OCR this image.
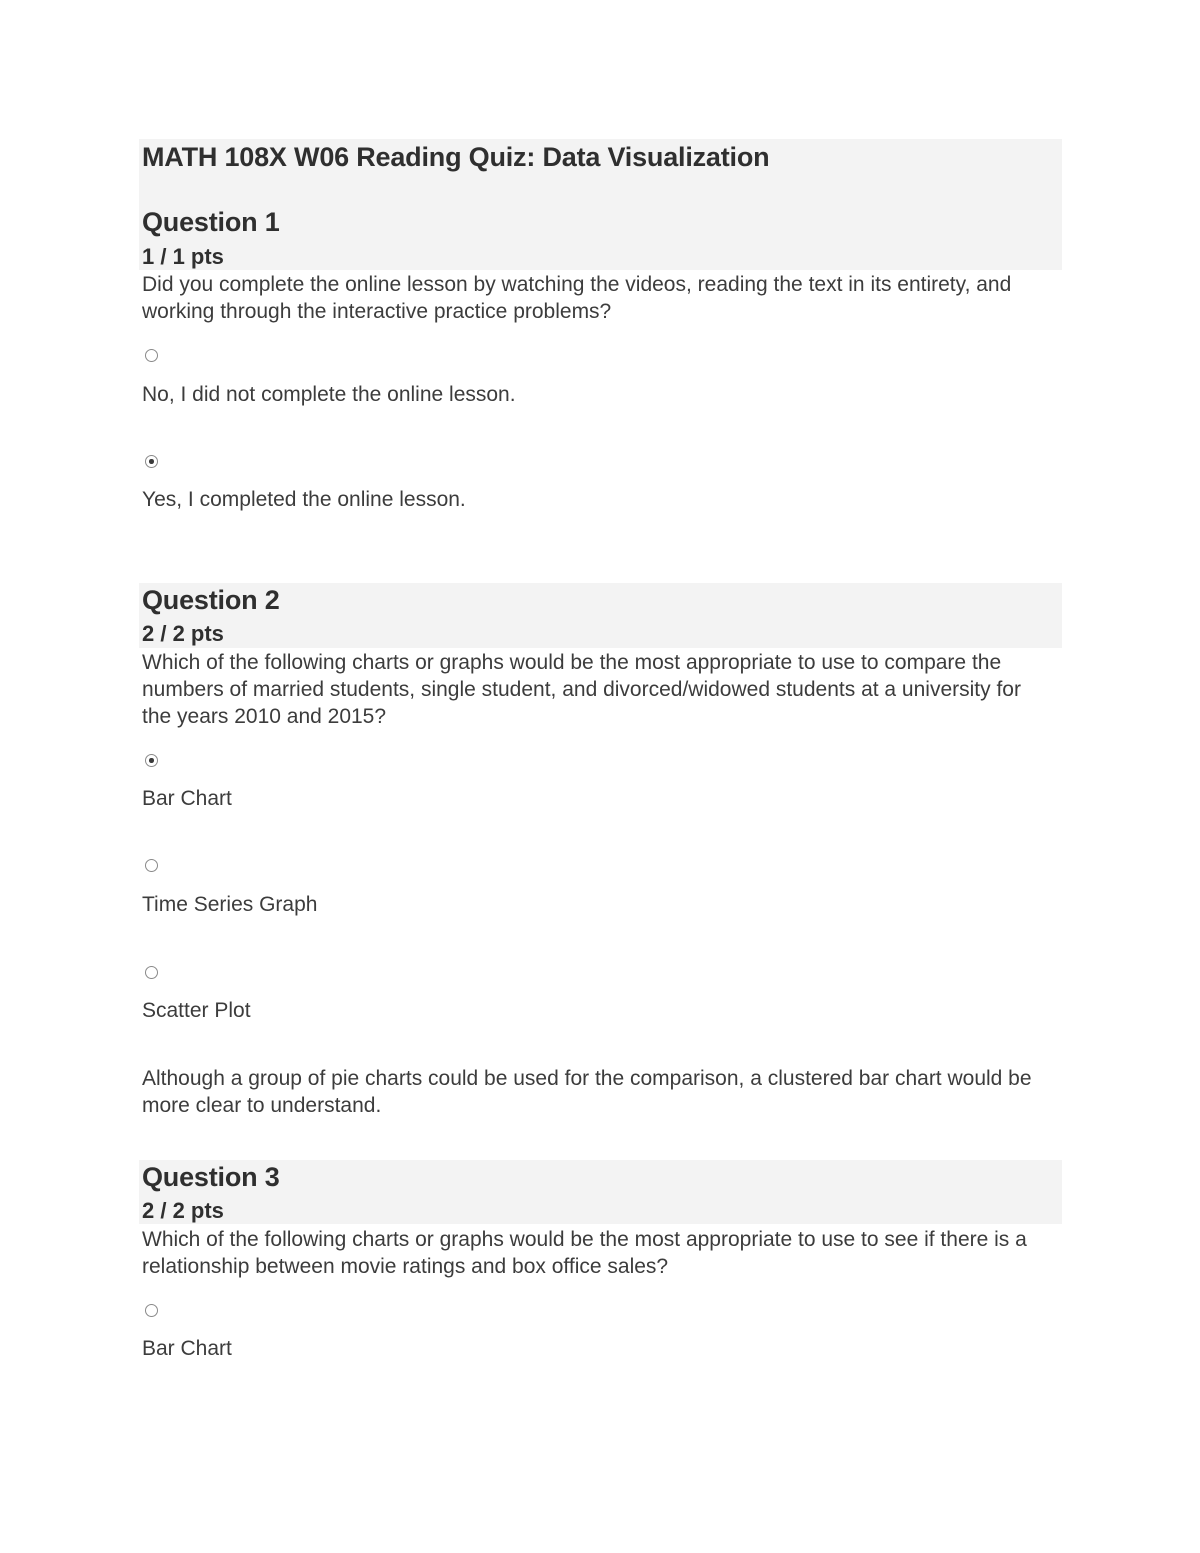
MATH 108X W06 Reading Quiz: Data Visualization
Question 1
1 / 1 pts
Did you complete the online lesson by watching the videos, reading the text in its entirety, and working through the interactive practice problems?
No, I did not complete the online lesson.
Yes, I completed the online lesson.
Question 2
2 / 2 pts
Which of the following charts or graphs would be the most appropriate to use to compare the numbers of married students, single student, and divorced/widowed students at a university for the years 2010 and 2015?
Bar Chart
Time Series Graph
Scatter Plot
Although a group of pie charts could be used for the comparison, a clustered bar chart would be more clear to understand.
Question 3
2 / 2 pts
Which of the following charts or graphs would be the most appropriate to use to see if there is a relationship between movie ratings and box office sales?
Bar Chart
